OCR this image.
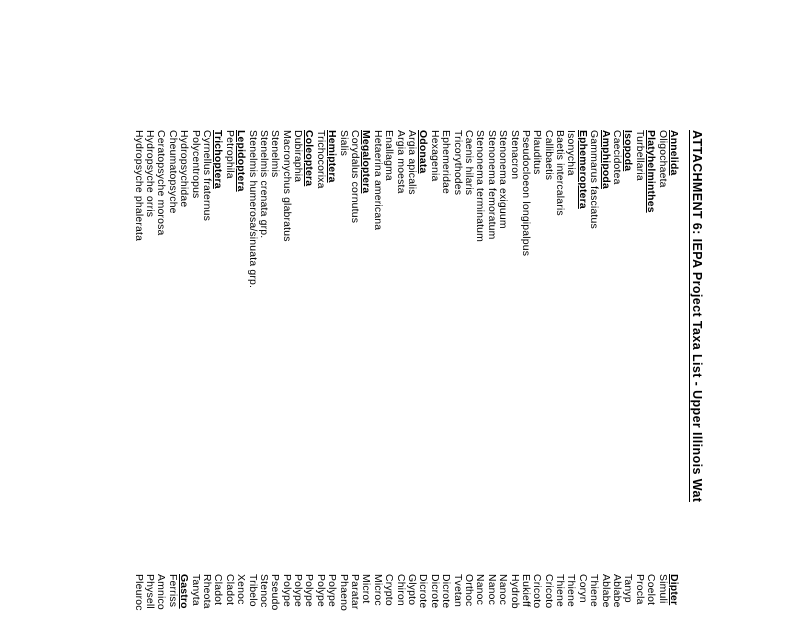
ATTACHMENT 6: IEPA Project Taxa List - Upper Illinois Wat
Annelida
Oligochaeta
Platyhelminthes
Turbellaria
Isopoda
Caecidotea
Amphipoda
Gammarus fasciatus
Ephemeroptera
Isonychia
Baetis intercalaris
Callibaetis
Plauditus
Pseudocloeon longipalpus
Stenacron
Stenonema exiguum
Stenonema femoratum
Stenonema terminatum
Caenis hilaris
Tricorythodes
Ephemeridae
Hexagenia
Odonata
Argia apicalis
Argia moesta
Enallagma
Hetaerina americana
Megaloptera
Corydalus cornutus
Sialis
Hemiptera
Trichocorixa
Coleoptera
Dubiraphia
Macronychus glabratus
Stenelmis
Stenelmis crenata grp.
Stenelmis humerosa/sinuata grp.
Lepidoptera
Petrophila
Trichoptera
Cyrnellus fraternus
Polycentropus
Hydropsychidae
Cheumatopsyche
Ceratopsyche morosa
Hydropsyche orris
Hydropsyche phalerata
Dipter
Simuli
Coelot
Procla
Tanyp
Ablabe
Ablabe
Thiene
Coryn
Thiene
Thiene
Cricoto
Cricoto
Eukieff
Hydrob
Nanoc
Nanoc
Nanoc
Orthoc
Tvetan
Dicrote
Dicrote
Dicrote
Glypto
Chiron
Crypto
Microc
Microt
Paratar
Phaeno
Polype
Polype
Polype
Polype
Polype
Pseudo
Stenoc
Tribelo
Xenoc
Cladot
Cladot
Rheota
Tanyta
Gastro
Ferriss
Amnico
Physell
Pleuroc
